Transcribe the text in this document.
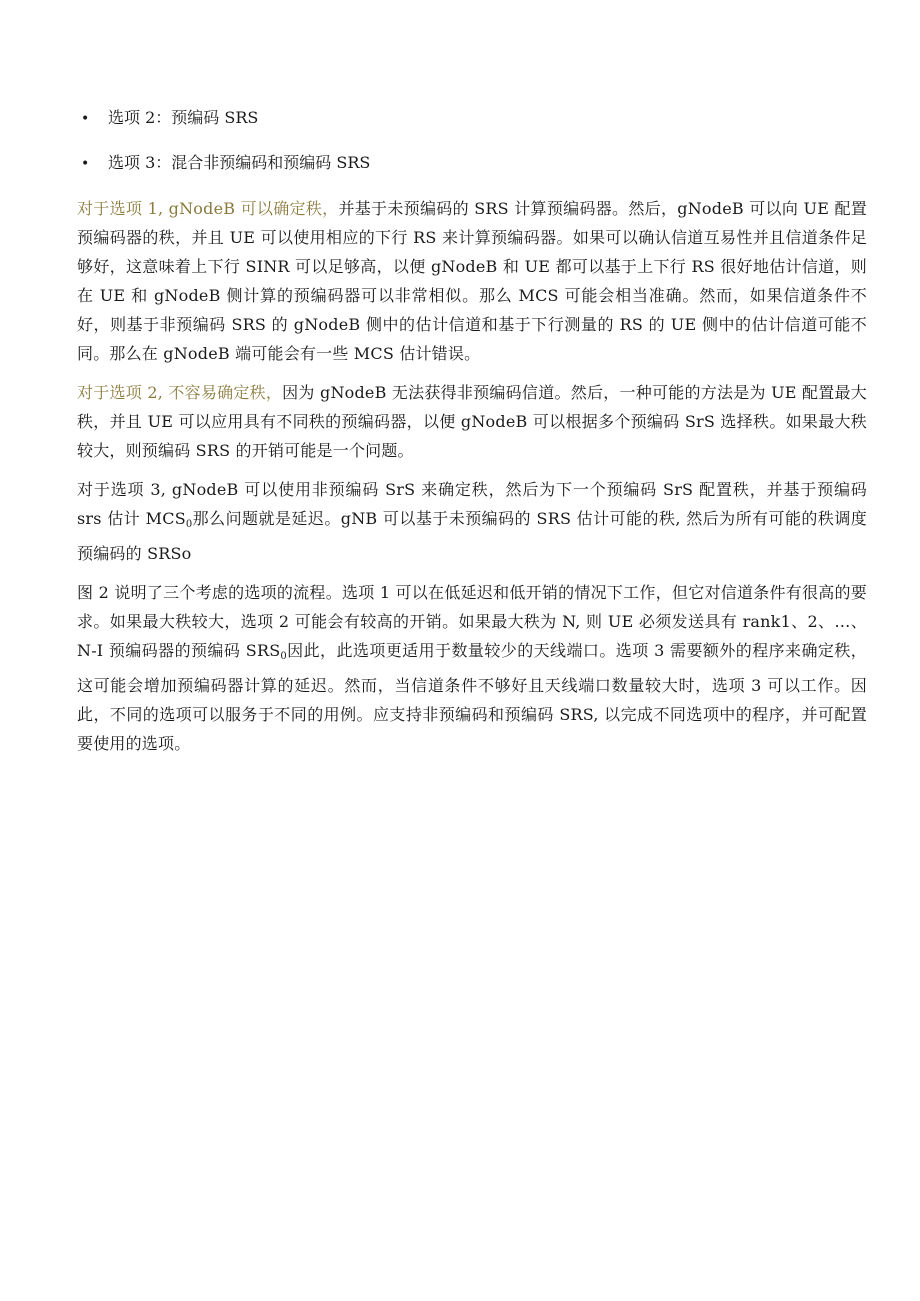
•	选项 2：预编码 SRS
•	选项 3：混合非预编码和预编码 SRS

对于选项 1, gNodeB 可以确定秩，并基于未预编码的 SRS 计算预编码器。然后，gNodeB 可以向 UE 配置预编码器的秩，并且 UE 可以使用相应的下行 RS 来计算预编码器。如果可以确认信道互易性并且信道条件足够好，这意味着上下行 SINR 可以足够高，以便 gNodeB 和 UE 都可以基于上下行 RS 很好地估计信道，则在 UE 和 gNodeB 侧计算的预编码器可以非常相似。那么 MCS 可能会相当准确。然而，如果信道条件不好，则基于非预编码 SRS 的 gNodeB 侧中的估计信道和基于下行测量的 RS 的 UE 侧中的估计信道可能不同。那么在 gNodeB 端可能会有一些 MCS 估计错误。

对于选项 2, 不容易确定秩，因为 gNodeB 无法获得非预编码信道。然后，一种可能的方法是为 UE 配置最大秩，并且 UE 可以应用具有不同秩的预编码器，以便 gNodeB 可以根据多个预编码 SrS 选择秩。如果最大秩较大，则预编码 SRS 的开销可能是一个问题。

对于选项 3, gNodeB 可以使用非预编码 SrS 来确定秩，然后为下一个预编码 SrS 配置秩，并基于预编码 srs 估计 $MCS_0$那么问题就是延迟。gNB 可以基于未预编码的 SRS 估计可能的秩, 然后为所有可能的秩调度预编码的 SRSo

图 2 说明了三个考虑的选项的流程。选项 1 可以在低延迟和低开销的情况下工作，但它对信道条件有很高的要求。如果最大秩较大，选项 2 可能会有较高的开销。如果最大秩为 N, 则 UE 必须发送具有 rank1、2、…、N-I 预编码器的预编码 $SRS_0$因此，此选项更适用于数量较少的天线端口。选项 3 需要额外的程序来确定秩，这可能会增加预编码器计算的延迟。然而，当信道条件不够好且天线端口数量较大时，选项 3 可以工作。因此，不同的选项可以服务于不同的用例。应支持非预编码和预编码 SRS, 以完成不同选项中的程序，并可配置要使用的选项。
